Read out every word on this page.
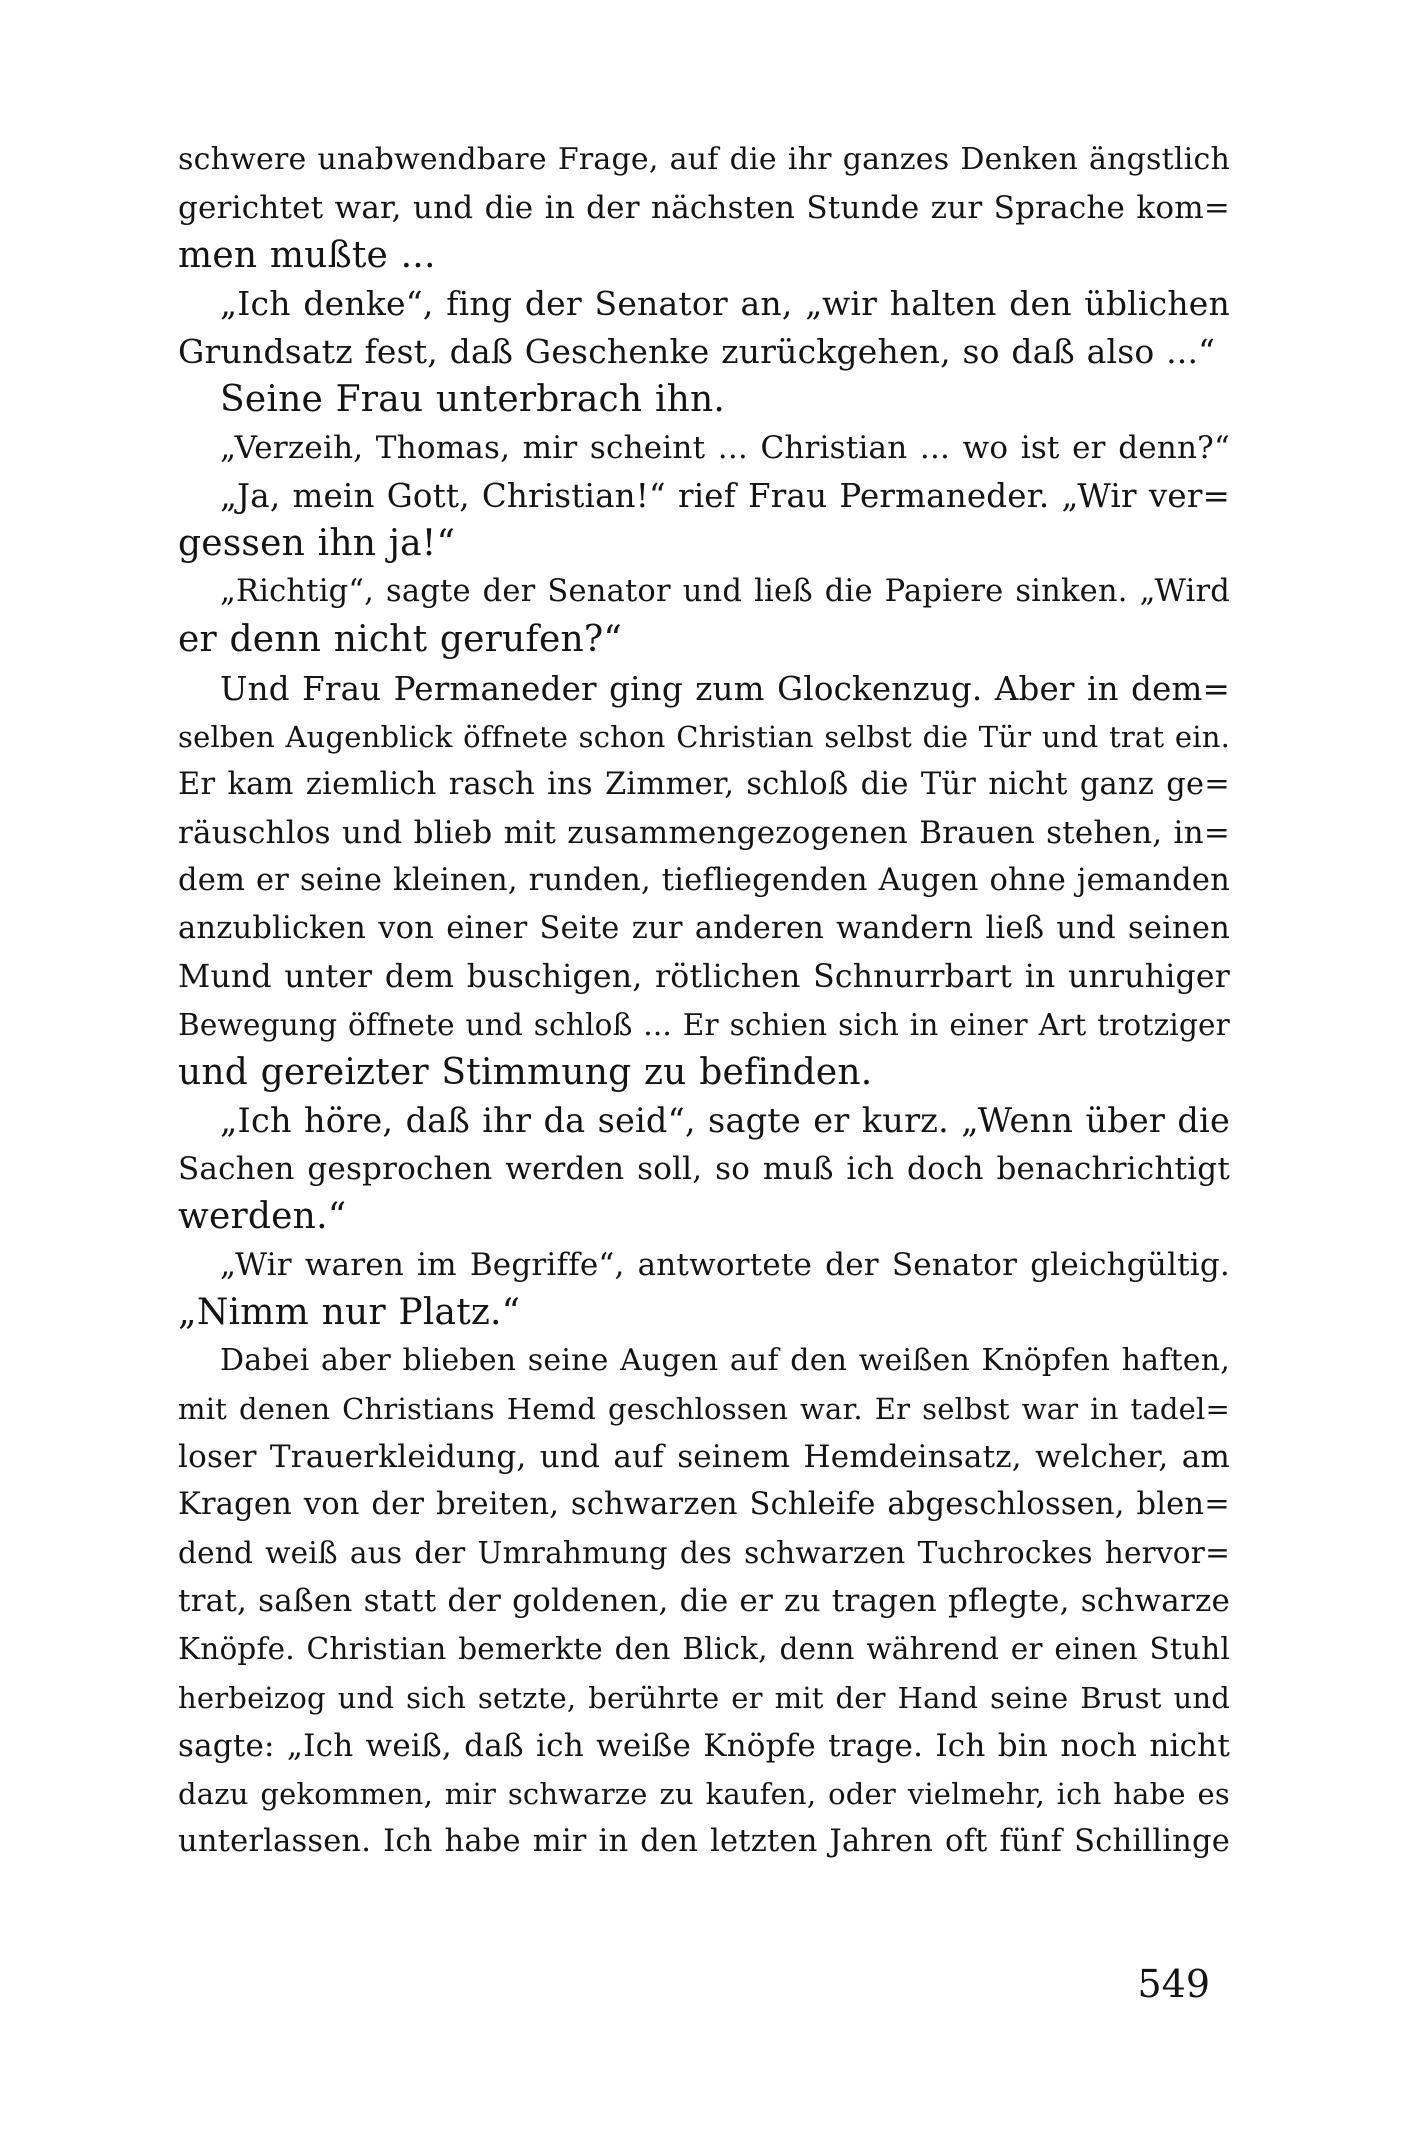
schwere unabwendbare Frage, auf die ihr ganzes Denken ängstlich
gerichtet war, und die in der nächsten Stunde zur Sprache kom=
men mußte ...
„Ich denke“, fing der Senator an, „wir halten den üblichen
Grundsatz fest, daß Geschenke zurückgehen, so daß also ...“
Seine Frau unterbrach ihn.
„Verzeih, Thomas, mir scheint ... Christian ... wo ist er denn?“
„Ja, mein Gott, Christian!“ rief Frau Permaneder. „Wir ver=
gessen ihn ja!“
„Richtig“, sagte der Senator und ließ die Papiere sinken. „Wird
er denn nicht gerufen?“
Und Frau Permaneder ging zum Glockenzug. Aber in dem=
selben Augenblick öffnete schon Christian selbst die Tür und trat ein.
Er kam ziemlich rasch ins Zimmer, schloß die Tür nicht ganz ge=
räuschlos und blieb mit zusammengezogenen Brauen stehen, in=
dem er seine kleinen, runden, tiefliegenden Augen ohne jemanden
anzublicken von einer Seite zur anderen wandern ließ und seinen
Mund unter dem buschigen, rötlichen Schnurrbart in unruhiger
Bewegung öffnete und schloß ... Er schien sich in einer Art trotziger
und gereizter Stimmung zu befinden.
„Ich höre, daß ihr da seid“, sagte er kurz. „Wenn über die
Sachen gesprochen werden soll, so muß ich doch benachrichtigt
werden.“
„Wir waren im Begriffe“, antwortete der Senator gleichgültig.
„Nimm nur Platz.“
Dabei aber blieben seine Augen auf den weißen Knöpfen haften,
mit denen Christians Hemd geschlossen war. Er selbst war in tadel=
loser Trauerkleidung, und auf seinem Hemdeinsatz, welcher, am
Kragen von der breiten, schwarzen Schleife abgeschlossen, blen=
dend weiß aus der Umrahmung des schwarzen Tuchrockes hervor=
trat, saßen statt der goldenen, die er zu tragen pflegte, schwarze
Knöpfe. Christian bemerkte den Blick, denn während er einen Stuhl
herbeizog und sich setzte, berührte er mit der Hand seine Brust und
sagte: „Ich weiß, daß ich weiße Knöpfe trage. Ich bin noch nicht
dazu gekommen, mir schwarze zu kaufen, oder vielmehr, ich habe es
unterlassen. Ich habe mir in den letzten Jahren oft fünf Schillinge
549
